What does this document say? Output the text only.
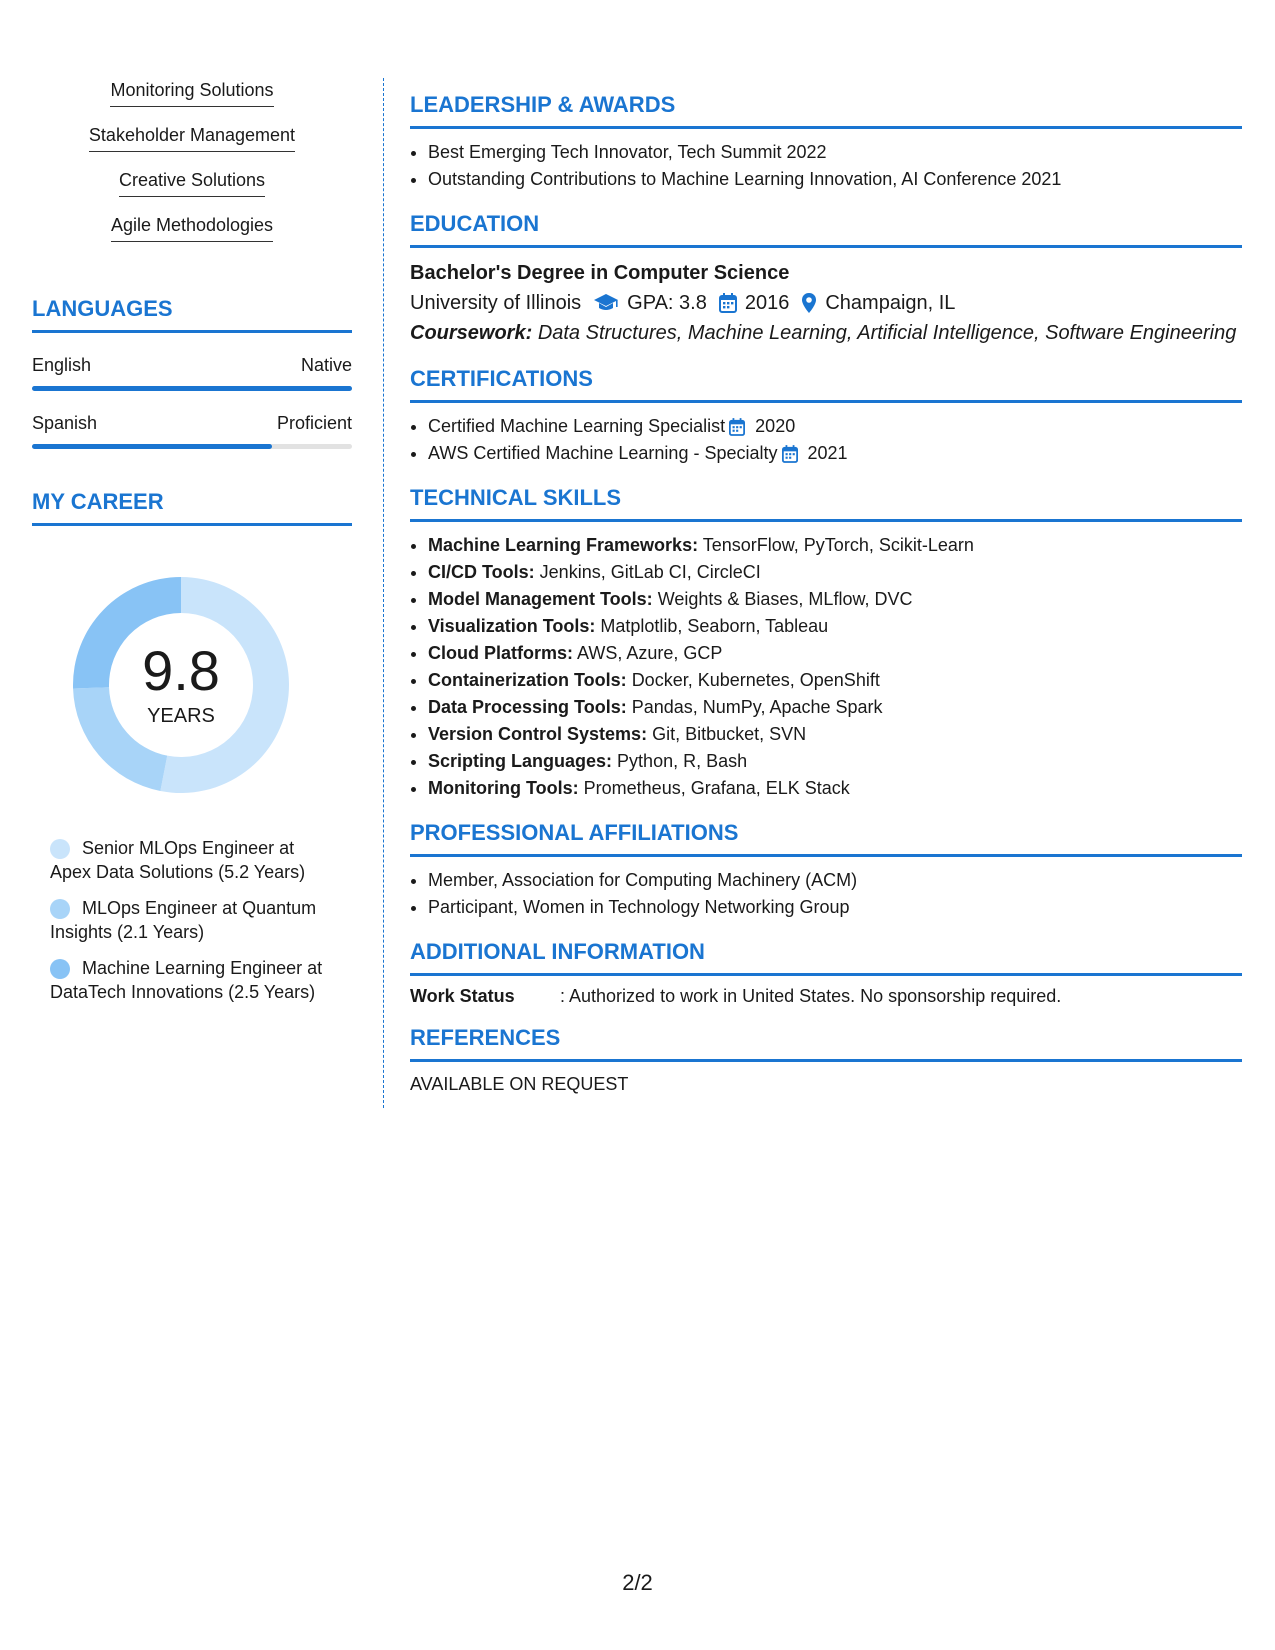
Monitoring Solutions
Stakeholder Management
Creative Solutions
Agile Methodologies
LANGUAGES
English	Native
Spanish	Proficient
MY CAREER
9.8
YEARS
Senior MLOps Engineer at Apex Data Solutions (5.2 Years)
MLOps Engineer at Quantum Insights (2.1 Years)
Machine Learning Engineer at DataTech Innovations (2.5 Years)
LEADERSHIP & AWARDS
• Best Emerging Tech Innovator, Tech Summit 2022
• Outstanding Contributions to Machine Learning Innovation, AI Conference 2021
EDUCATION
Bachelor's Degree in Computer Science
University of Illinois GPA: 3.8 2016 Champaign, IL
Coursework: Data Structures, Machine Learning, Artificial Intelligence, Software Engineering
CERTIFICATIONS
• Certified Machine Learning Specialist 2020
• AWS Certified Machine Learning - Specialty 2021
TECHNICAL SKILLS
• Machine Learning Frameworks: TensorFlow, PyTorch, Scikit-Learn
• CI/CD Tools: Jenkins, GitLab CI, CircleCI
• Model Management Tools: Weights & Biases, MLflow, DVC
• Visualization Tools: Matplotlib, Seaborn, Tableau
• Cloud Platforms: AWS, Azure, GCP
• Containerization Tools: Docker, Kubernetes, OpenShift
• Data Processing Tools: Pandas, NumPy, Apache Spark
• Version Control Systems: Git, Bitbucket, SVN
• Scripting Languages: Python, R, Bash
• Monitoring Tools: Prometheus, Grafana, ELK Stack
PROFESSIONAL AFFILIATIONS
• Member, Association for Computing Machinery (ACM)
• Participant, Women in Technology Networking Group
ADDITIONAL INFORMATION
Work Status	: Authorized to work in United States. No sponsorship required.
REFERENCES
AVAILABLE ON REQUEST
2/2
